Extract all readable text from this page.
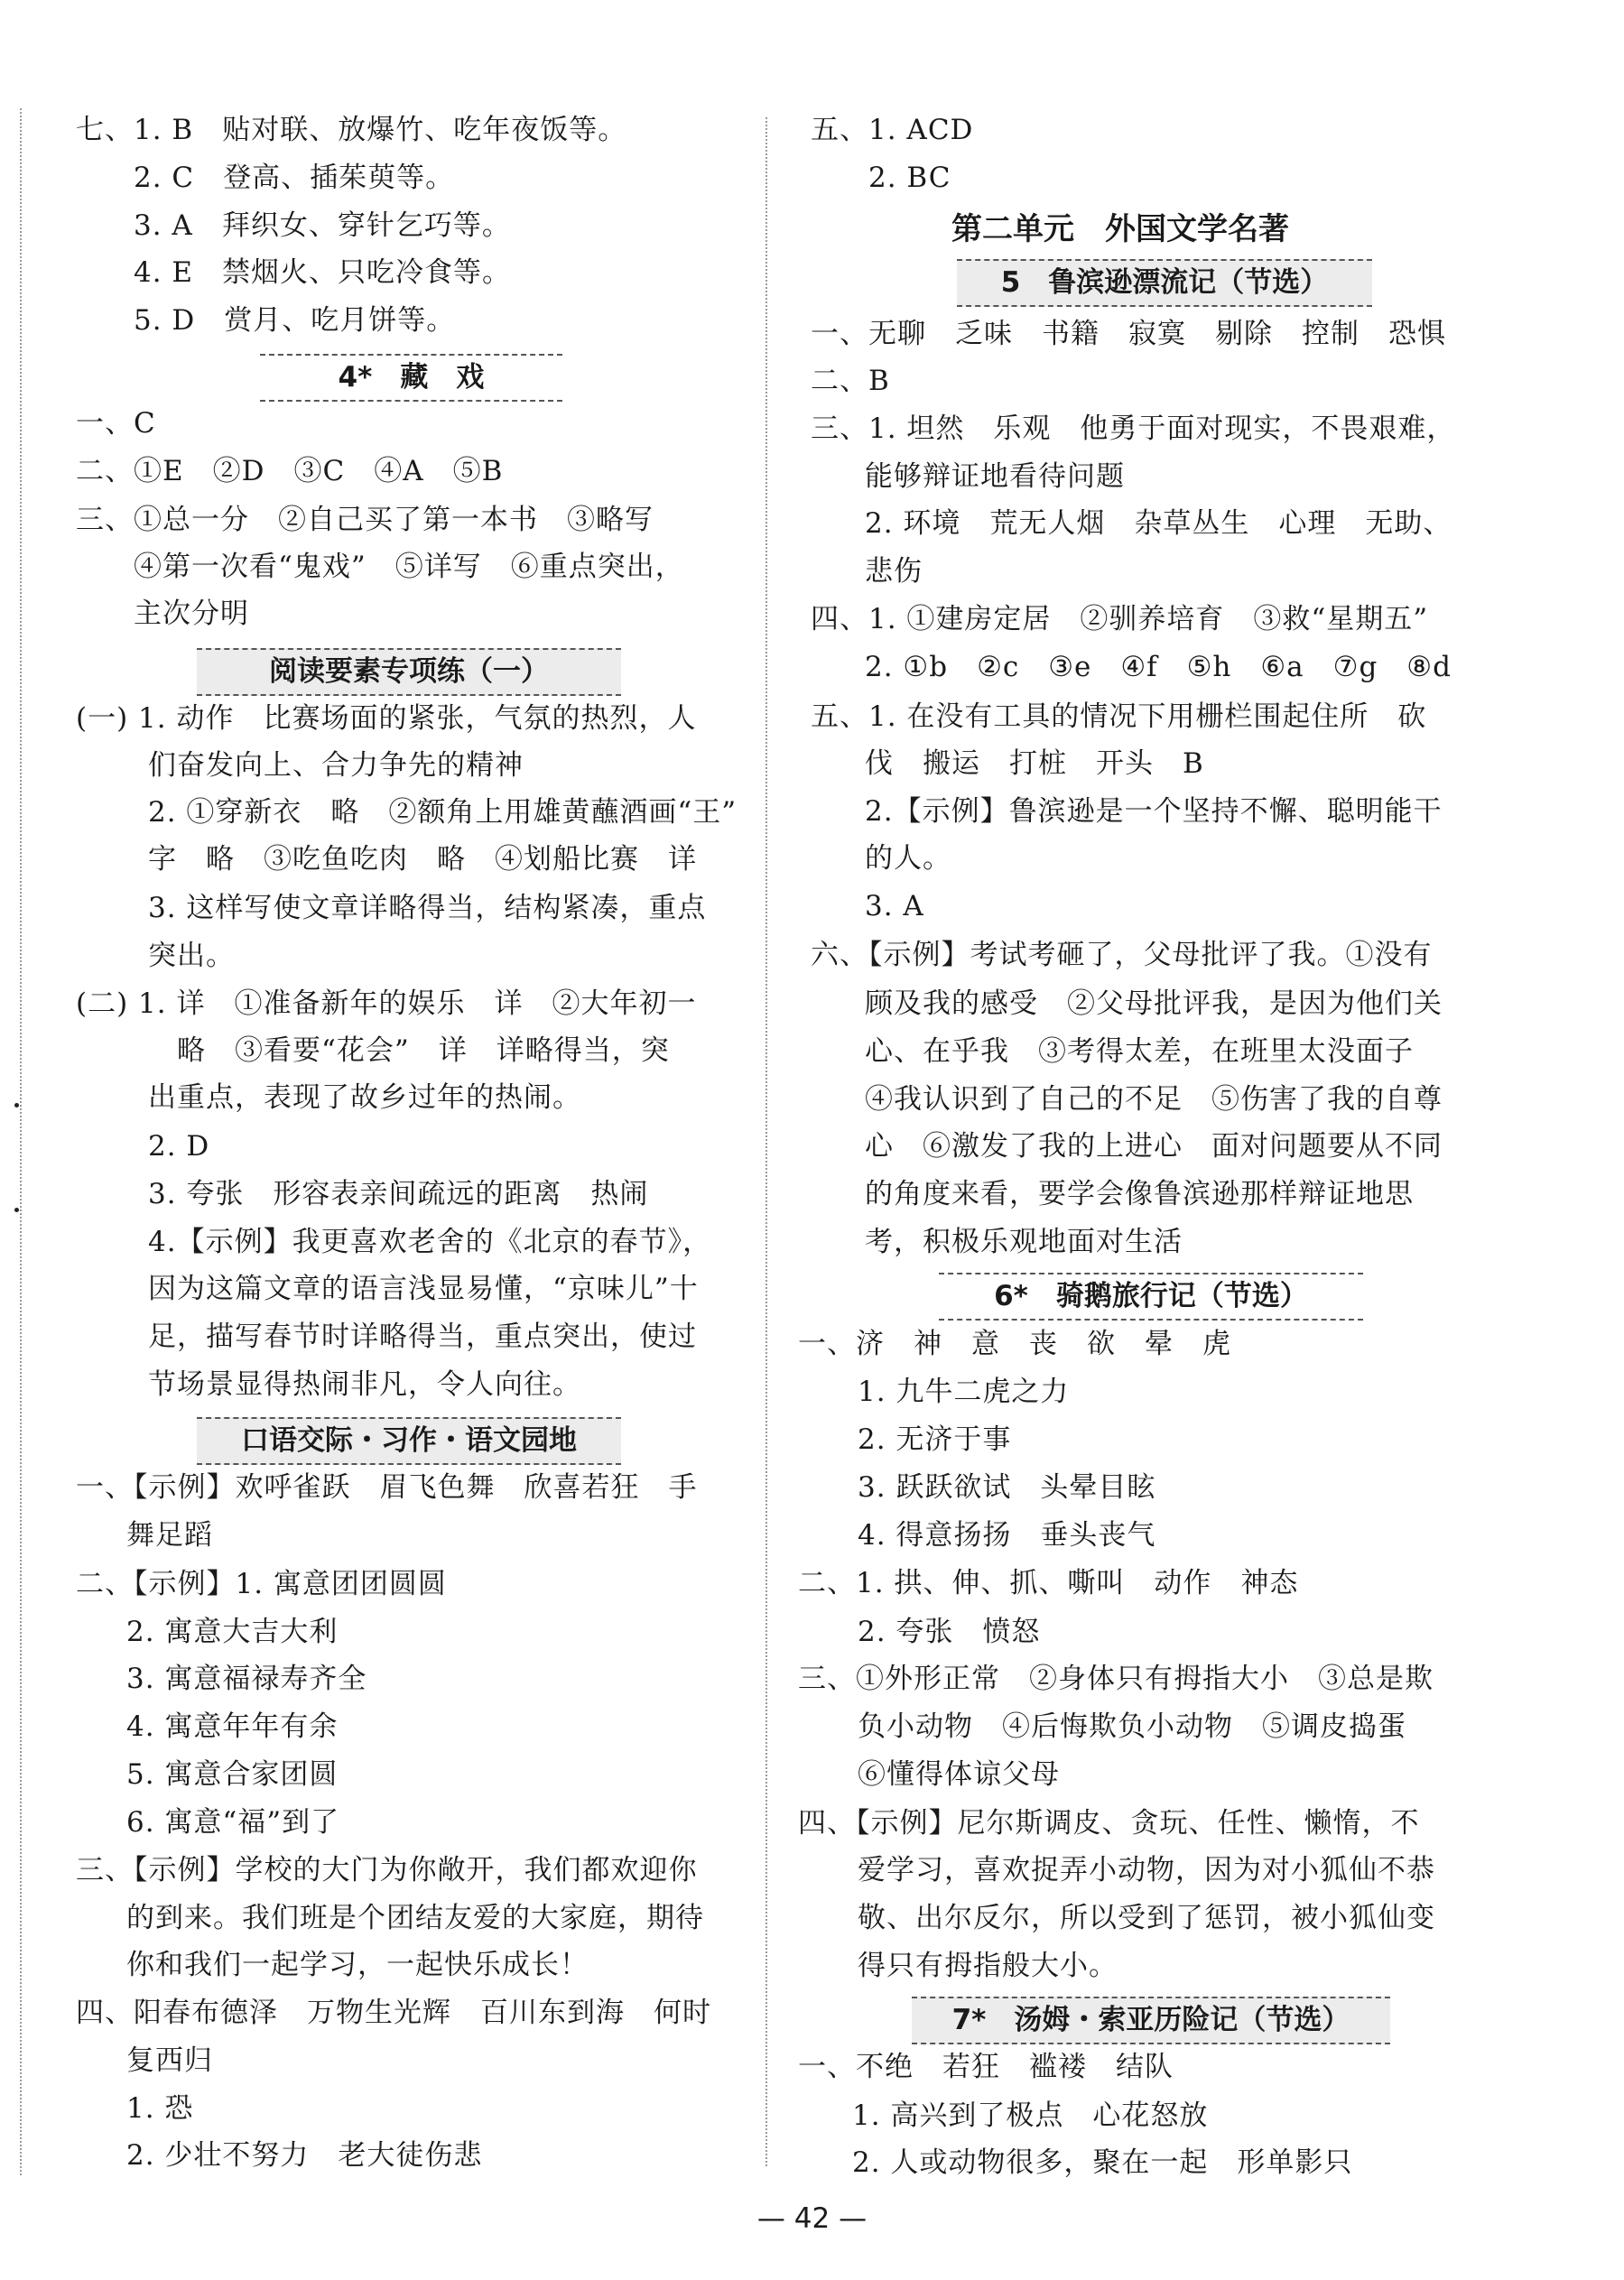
七、1. B　贴对联、放爆竹、吃年夜饭等。
2. C　登高、插茱萸等。
3. A　拜织女、穿针乞巧等。
4. E　禁烟火、只吃冷食等。
5. D　赏月、吃月饼等。
4*　藏　戏
一、C
二、①E　②D　③C　④A　⑤B
三、①总一分　②自己买了第一本书　③略写
④第一次看“鬼戏”　⑤详写　⑥重点突出，
主次分明
阅读要素专项练（一）
(一) 1. 动作　比赛场面的紧张，气氛的热烈，人
们奋发向上、合力争先的精神
2. ①穿新衣　略　②额角上用雄黄蘸酒画“王”
字　略　③吃鱼吃肉　略　④划船比赛　详
3. 这样写使文章详略得当，结构紧凑，重点
突出。
(二) 1. 详　①准备新年的娱乐　详　②大年初一
略　③看要“花会”　详　详略得当，突
出重点，表现了故乡过年的热闹。
2. D
3. 夸张　形容表亲间疏远的距离　热闹
4.【示例】我更喜欢老舍的《北京的春节》，
因为这篇文章的语言浅显易懂，“京味儿”十
足，描写春节时详略得当，重点突出，使过
节场景显得热闹非凡，令人向往。
口语交际・习作・语文园地
一、【示例】欢呼雀跃　眉飞色舞　欣喜若狂　手
舞足蹈
二、【示例】1. 寓意团团圆圆
2. 寓意大吉大利
3. 寓意福禄寿齐全
4. 寓意年年有余
5. 寓意合家团圆
6. 寓意“福”到了
三、【示例】学校的大门为你敞开，我们都欢迎你
的到来。我们班是个团结友爱的大家庭，期待
你和我们一起学习，一起快乐成长！
四、阳春布德泽　万物生光辉　百川东到海　何时
复西归
1. 恐
2. 少壮不努力　老大徒伤悲
五、1. ACD
2. BC
第二单元　外国文学名著
5　鲁滨逊漂流记（节选）
一、无聊　乏味　书籍　寂寞　剔除　控制　恐惧
二、B
三、1. 坦然　乐观　他勇于面对现实，不畏艰难，
能够辩证地看待问题
2. 环境　荒无人烟　杂草丛生　心理　无助、
悲伤
四、1. ①建房定居　②驯养培育　③救“星期五”
2. ①b　②c　③e　④f　⑤h　⑥a　⑦g　⑧d
五、1. 在没有工具的情况下用栅栏围起住所　砍
伐　搬运　打桩　开头　B
2.【示例】鲁滨逊是一个坚持不懈、聪明能干
的人。
3. A
六、【示例】考试考砸了，父母批评了我。①没有
顾及我的感受　②父母批评我，是因为他们关
心、在乎我　③考得太差，在班里太没面子
④我认识到了自己的不足　⑤伤害了我的自尊
心　⑥激发了我的上进心　面对问题要从不同
的角度来看，要学会像鲁滨逊那样辩证地思
考，积极乐观地面对生活
6*　骑鹅旅行记（节选）
一、济　神　意　丧　欲　晕　虎
1. 九牛二虎之力
2. 无济于事
3. 跃跃欲试　头晕目眩
4. 得意扬扬　垂头丧气
二、1. 拱、伸、抓、嘶叫　动作　神态
2. 夸张　愤怒
三、①外形正常　②身体只有拇指大小　③总是欺
负小动物　④后悔欺负小动物　⑤调皮捣蛋
⑥懂得体谅父母
四、【示例】尼尔斯调皮、贪玩、任性、懒惰，不
爱学习，喜欢捉弄小动物，因为对小狐仙不恭
敬、出尔反尔，所以受到了惩罚，被小狐仙变
得只有拇指般大小。
7*　汤姆・索亚历险记（节选）
一、不绝　若狂　褴褛　结队
1. 高兴到了极点　心花怒放
2. 人或动物很多，聚在一起　形单影只
— 42 —
